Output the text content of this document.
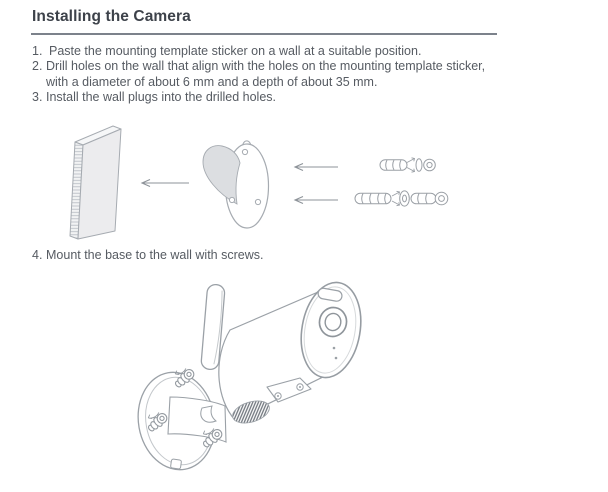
Installing the Camera
1. Paste the mounting template sticker on a wall at a suitable position.
2. Drill holes on the wall that align with the holes on the mounting template sticker, with a diameter of about 6 mm and a depth of about 35 mm.
3. Install the wall plugs into the drilled holes.
4. Mount the base to the wall with screws.
